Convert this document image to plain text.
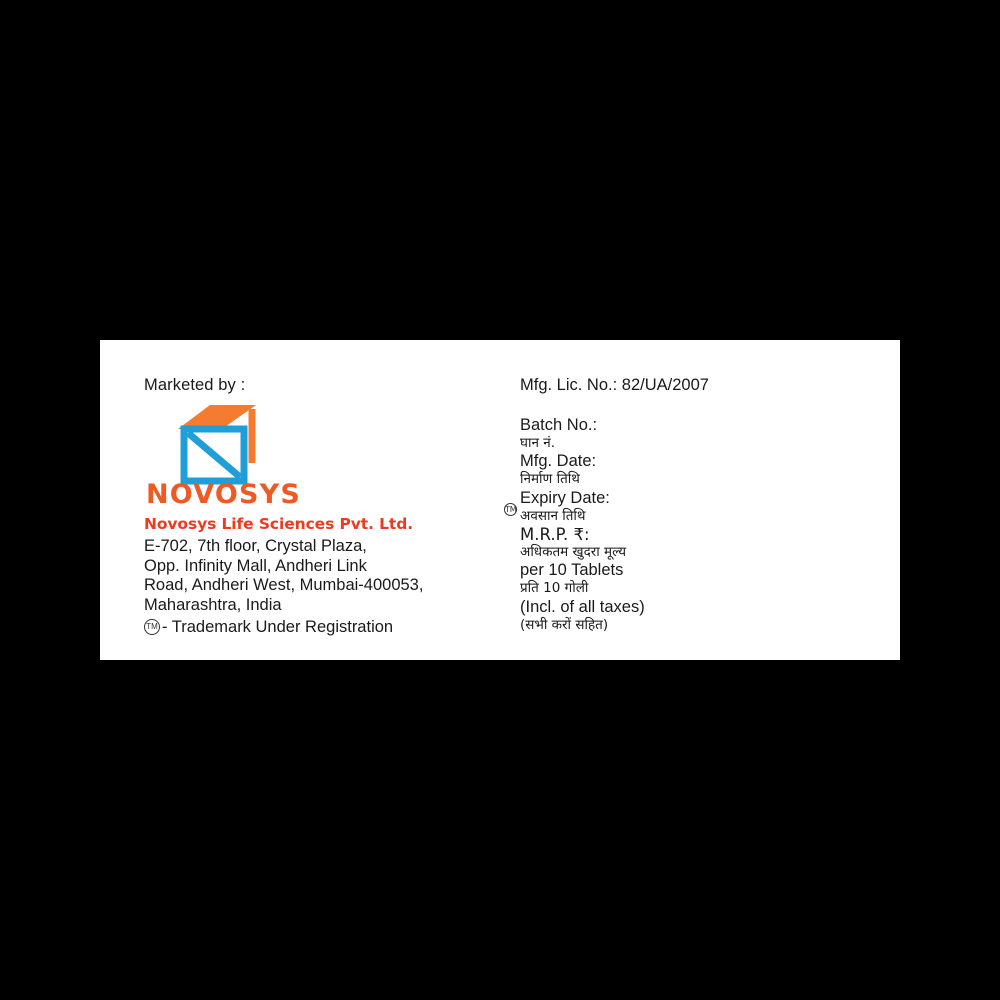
Marketed by :
NOVOSYS
Novosys Life Sciences Pvt. Ltd.
TM
E-702, 7th floor, Crystal Plaza,
Opp. Infinity Mall, Andheri Link
Road, Andheri West, Mumbai-400053,
Maharashtra, India
TM - Trademark Under Registration
Mfg. Lic. No.: 82/UA/2007
Batch No.:
घान नं.
Mfg. Date:
निर्माण तिथि
Expiry Date:
अवसान तिथि
M.R.P. ₹:
अधिकतम खुदरा मूल्य
per 10 Tablets
प्रति 10 गोली
(Incl. of all taxes)
(सभी करों सहित)
